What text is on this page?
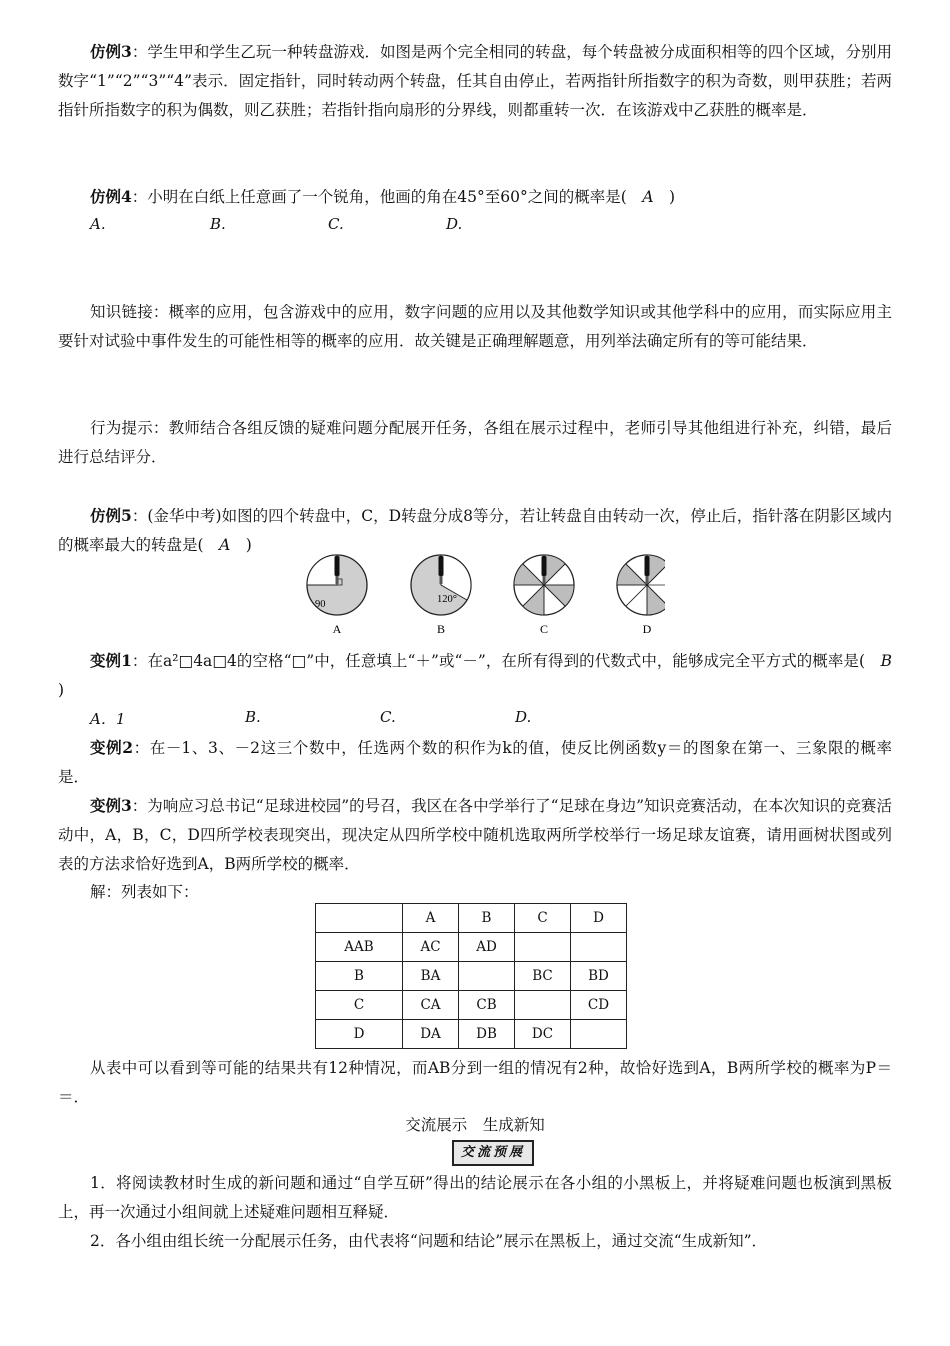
仿例3：学生甲和学生乙玩一种转盘游戏．如图是两个完全相同的转盘，每个转盘被分成面积相等的四个区域，分别用数字“1”“2”“3”“4”表示．固定指针，同时转动两个转盘，任其自由停止，若两指针所指数字的积为奇数，则甲获胜；若两指针所指数字的积为偶数，则乙获胜；若指针指向扇形的分界线，则都重转一次．在该游戏中乙获胜的概率是．

仿例4：小明在白纸上任意画了一个锐角，他画的角在45°至60°之间的概率是(　 A　 )

A.	B.	C.	D.

知识链接：概率的应用，包含游戏中的应用，数字问题的应用以及其他数学知识或其他学科中的应用，而实际应用主要针对试验中事件发生的可能性相等的概率的应用．故关键是正确理解题意，用列举法确定所有的等可能结果．

行为提示：教师结合各组反馈的疑难问题分配展开任务，各组在展示过程中，老师引导其他组进行补充，纠错，最后进行总结评分．

仿例5：(金华中考)如图的四个转盘中，C，D转盘分成8等分，若让转盘自由转动一次，停止后，指针落在阴影区域内的概率最大的转盘是(　 A　 )

90
A
120°
B	C	D

变例1：在a²□4a□4的空格“□”中，任意填上“＋”或“－”，在所有得到的代数式中，能够成完全平方式的概率是(　 B　)

A．1	B.	C.	D.

变例2：在－1、3、－2这三个数中，任选两个数的积作为k的值，使反比例函数y＝的图象在第一、三象限的概率是．

变例3：为响应习总书记“足球进校园”的号召，我区在各中学举行了“足球在身边”知识竞赛活动，在本次知识的竞赛活动中，A，B，C，D四所学校表现突出，现决定从四所学校中随机选取两所学校举行一场足球友谊赛，请用画树状图或列表的方法求恰好选到A，B两所学校的概率．

解：列表如下：

	A	B	C	D
AAB	AC	AD		
B	BA		BC	BD
C	CA	CB		CD
D	DA	DB	DC	

从表中可以看到等可能的结果共有12种情况，而AB分到一组的情况有2种，故恰好选到A，B两所学校的概率为P＝＝．

交流展示　生成新知
交流预展

1．将阅读教材时生成的新问题和通过“自学互研”得出的结论展示在各小组的小黑板上，并将疑难问题也板演到黑板上，再一次通过小组间就上述疑难问题相互释疑．

2．各小组由组长统一分配展示任务，由代表将“问题和结论”展示在黑板上，通过交流“生成新知”．
